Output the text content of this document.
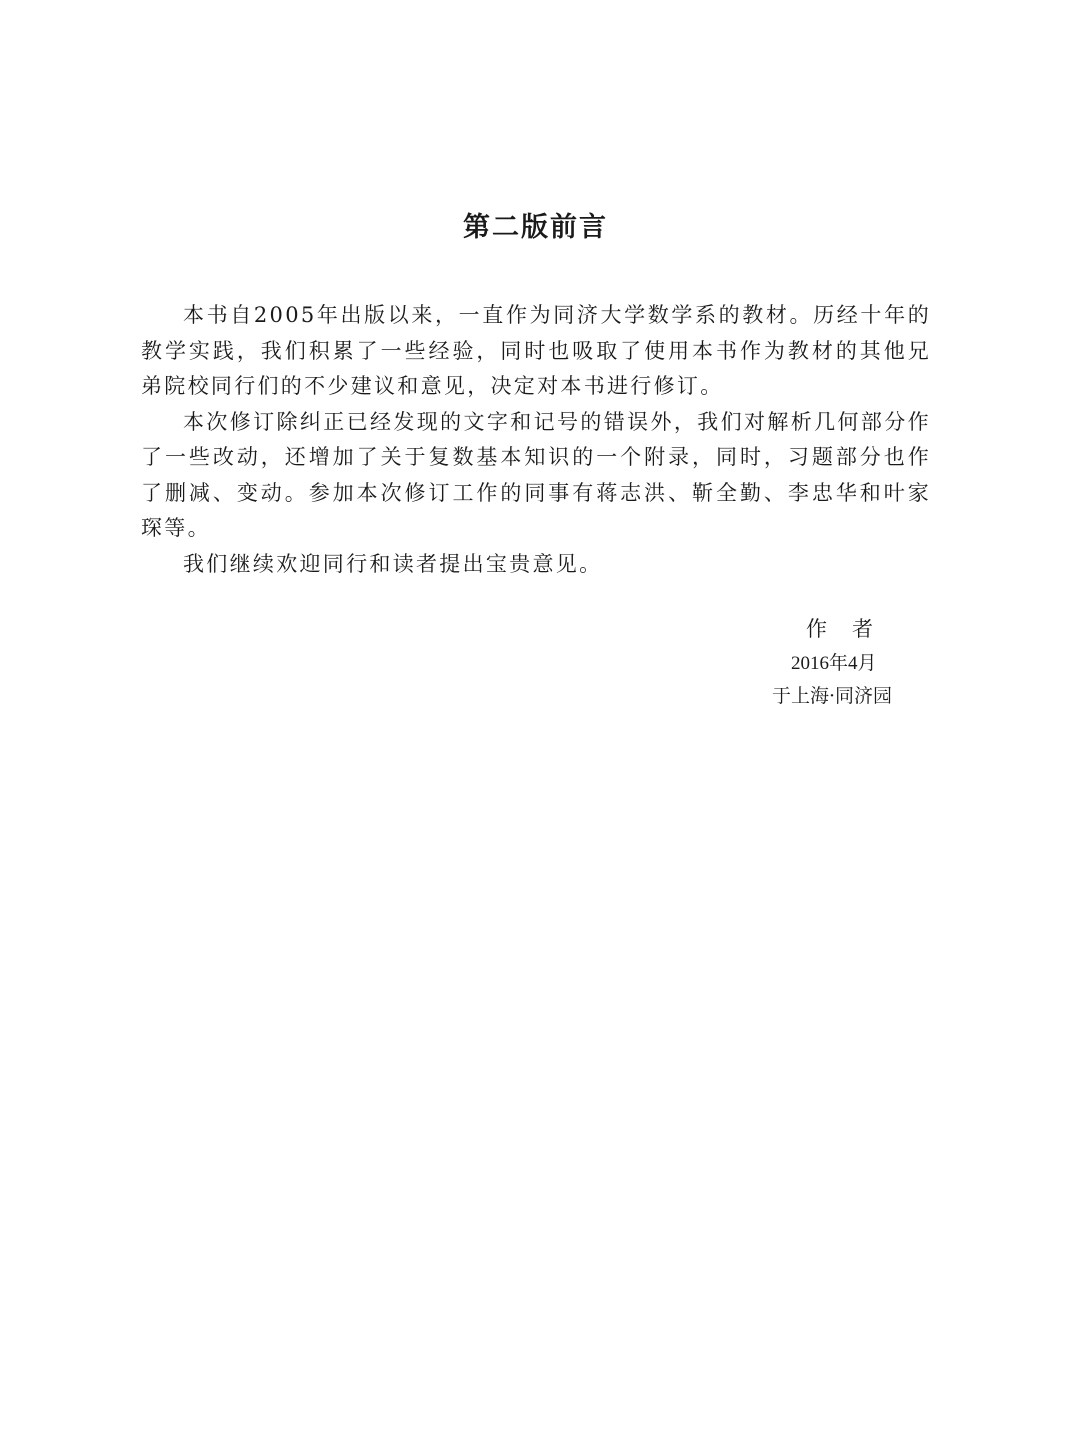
第二版前言

本书自2005年出版以来，一直作为同济大学数学系的教材。历经十年的教学实践，我们积累了一些经验，同时也吸取了使用本书作为教材的其他兄弟院校同行们的不少建议和意见，决定对本书进行修订。

本次修订除纠正已经发现的文字和记号的错误外，我们对解析几何部分作了一些改动，还增加了关于复数基本知识的一个附录，同时，习题部分也作了删减、变动。参加本次修订工作的同事有蒋志洪、靳全勤、李忠华和叶家琛等。

我们继续欢迎同行和读者提出宝贵意见。

作　者
2016年4月
于上海·同济园
